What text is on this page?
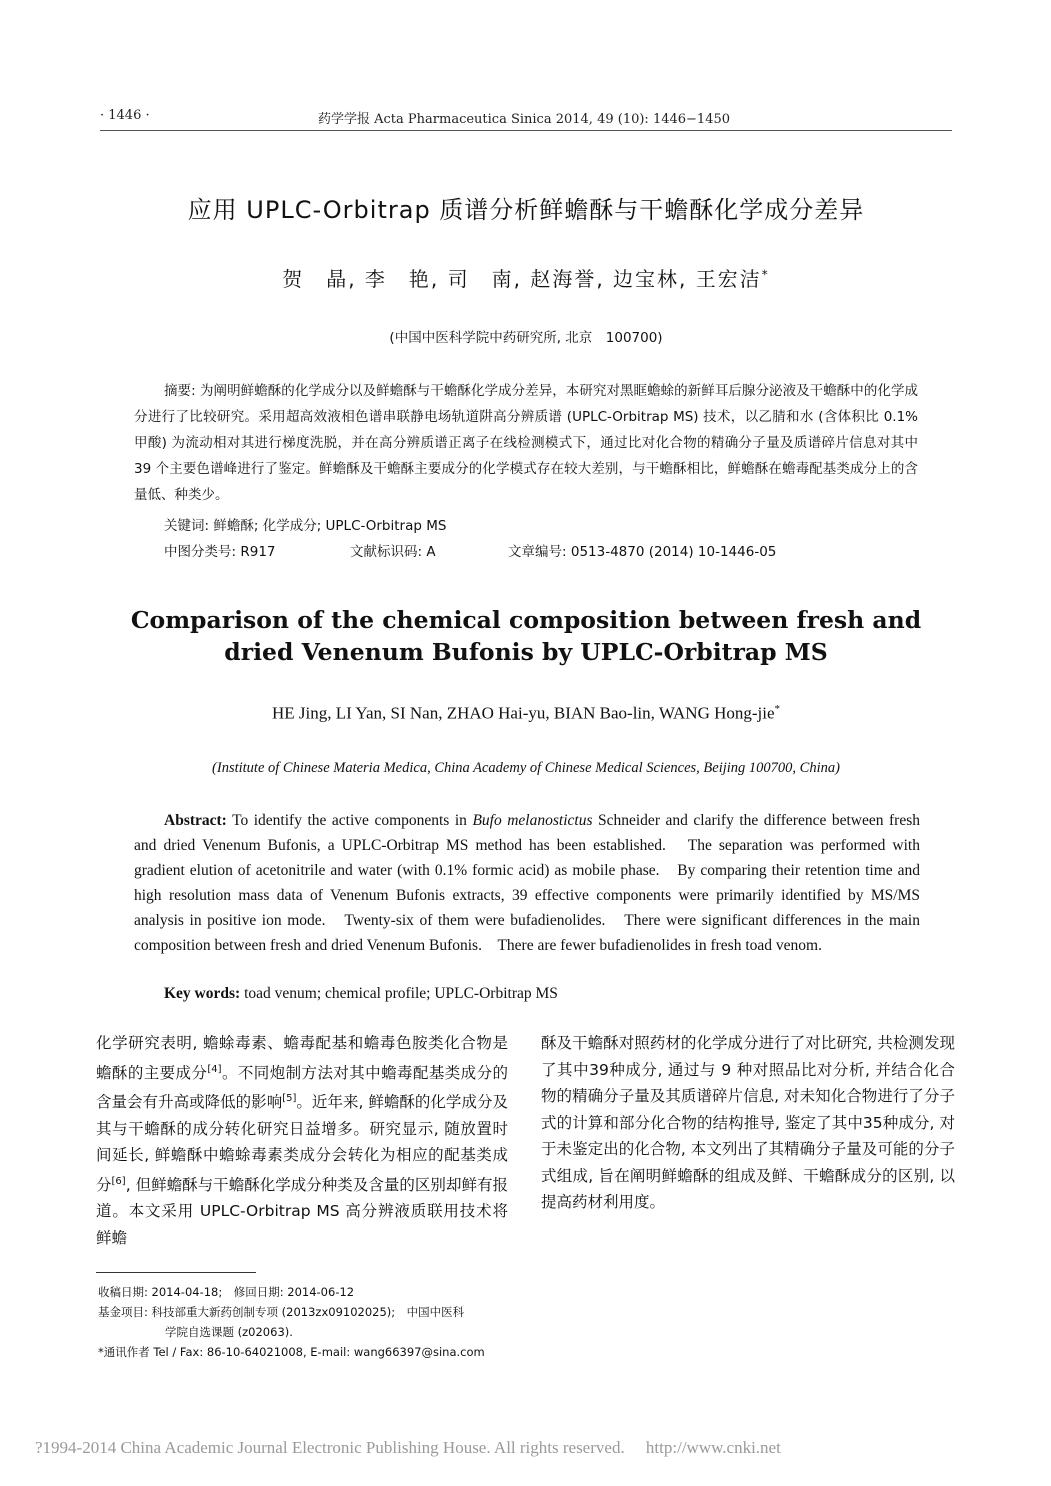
· 1446 ·	药学学报 Acta Pharmaceutica Sinica 2014, 49 (10): 1446−1450
应用 UPLC-Orbitrap 质谱分析鲜蟾酥与干蟾酥化学成分差异
贺　晶, 李　艳, 司　南, 赵海誉, 边宝林, 王宏洁*
(中国中医科学院中药研究所, 北京　100700)
摘要: 为阐明鲜蟾酥的化学成分以及鲜蟾酥与干蟾酥化学成分差异，本研究对黑眶蟾蜍的新鲜耳后腺分泌液及干蟾酥中的化学成分进行了比较研究。采用超高效液相色谱串联静电场轨道阱高分辨质谱 (UPLC-Orbitrap MS) 技术，以乙腈和水 (含体积比 0.1% 甲酸) 为流动相对其进行梯度洗脱，并在高分辨质谱正离子在线检测模式下，通过比对化合物的精确分子量及质谱碎片信息对其中 39 个主要色谱峰进行了鉴定。鲜蟾酥及干蟾酥主要成分的化学模式存在较大差别，与干蟾酥相比，鲜蟾酥在蟾毒配基类成分上的含量低、种类少。
关键词: 鲜蟾酥; 化学成分; UPLC-Orbitrap MS
中图分类号: R917	文献标识码: A	文章编号: 0513-4870 (2014) 10-1446-05
Comparison of the chemical composition between fresh and
dried Venenum Bufonis by UPLC-Orbitrap MS
HE Jing, LI Yan, SI Nan, ZHAO Hai-yu, BIAN Bao-lin, WANG Hong-jie*
(Institute of Chinese Materia Medica, China Academy of Chinese Medical Sciences, Beijing 100700, China)
Abstract: To identify the active components in Bufo melanostictus Schneider and clarify the difference between fresh and dried Venenum Bufonis, a UPLC-Orbitrap MS method has been established.　The separation was performed with gradient elution of acetonitrile and water (with 0.1% formic acid) as mobile phase.　By comparing their retention time and high resolution mass data of Venenum Bufonis extracts, 39 effective components were primarily identified by MS/MS analysis in positive ion mode.　Twenty-six of them were bufadienolides.　There were significant differences in the main composition between fresh and dried Venenum Bufonis.　There are fewer bufadienolides in fresh toad venom.
Key words: toad venum; chemical profile; UPLC-Orbitrap MS
化学研究表明, 蟾蜍毒素、蟾毒配基和蟾毒色胺类化合物是蟾酥的主要成分[4]。不同炮制方法对其中蟾毒配基类成分的含量会有升高或降低的影响[5]。近年来, 鲜蟾酥的化学成分及其与干蟾酥的成分转化研究日益增多。研究显示, 随放置时间延长, 鲜蟾酥中蟾蜍毒素类成分会转化为相应的配基类成分[6], 但鲜蟾酥与干蟾酥化学成分种类及含量的区别却鲜有报道。本文采用 UPLC-Orbitrap MS 高分辨液质联用技术将鲜蟾
酥及干蟾酥对照药材的化学成分进行了对比研究, 共检测发现了其中39种成分, 通过与 9 种对照品比对分析, 并结合化合物的精确分子量及其质谱碎片信息, 对未知化合物进行了分子式的计算和部分化合物的结构推导, 鉴定了其中35种成分, 对于未鉴定出的化合物, 本文列出了其精确分子量及可能的分子式组成, 旨在阐明鲜蟾酥的组成及鲜、干蟾酥成分的区别, 以提高药材利用度。
收稿日期: 2014-04-18;　修回日期: 2014-06-12
基金项目: 科技部重大新药创制专项 (2013zx09102025);　中国中医科
学院自选课题 (z02063).
*通讯作者 Tel / Fax: 86-10-64021008, E-mail: wang66397@sina.com
?1994-2014 China Academic Journal Electronic Publishing House. All rights reserved.　 http://www.cnki.net
